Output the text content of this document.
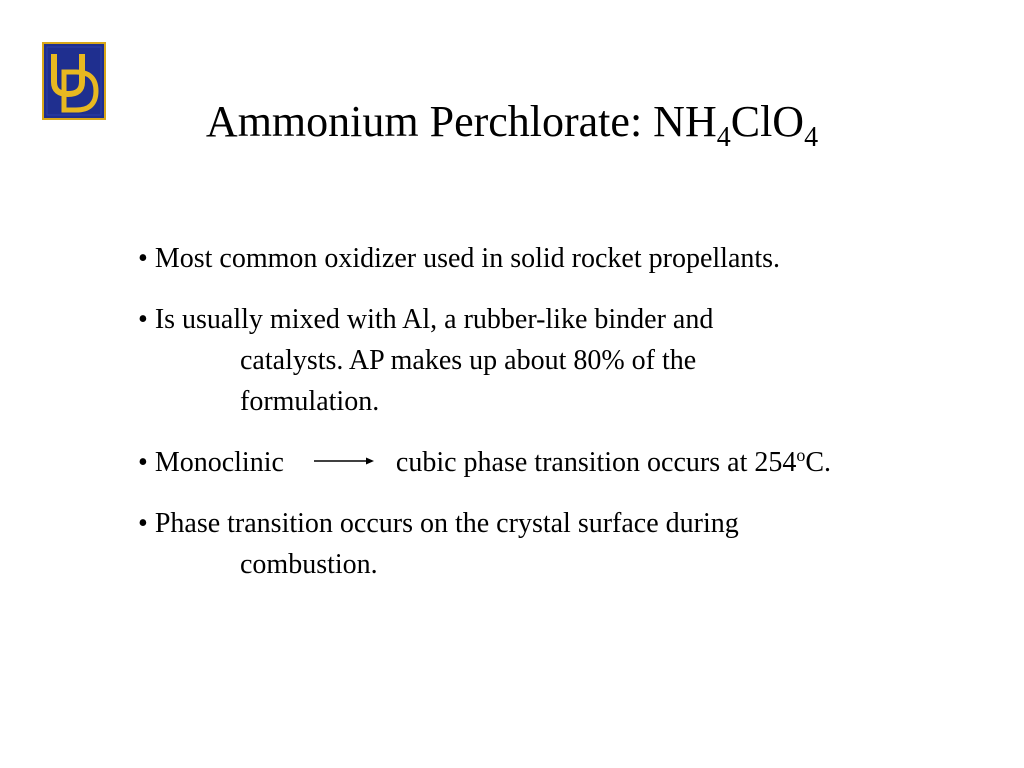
Ammonium Perchlorate: $NH_4ClO_4$
• Most common oxidizer used in solid rocket propellants.
• Is usually mixed with Al, a rubber-like binder and
catalysts. AP makes up about 80% of the
formulation.
• Monoclinic	cubic phase transition occurs at 254$^o$C.
• Phase transition occurs on the crystal surface during
combustion.
